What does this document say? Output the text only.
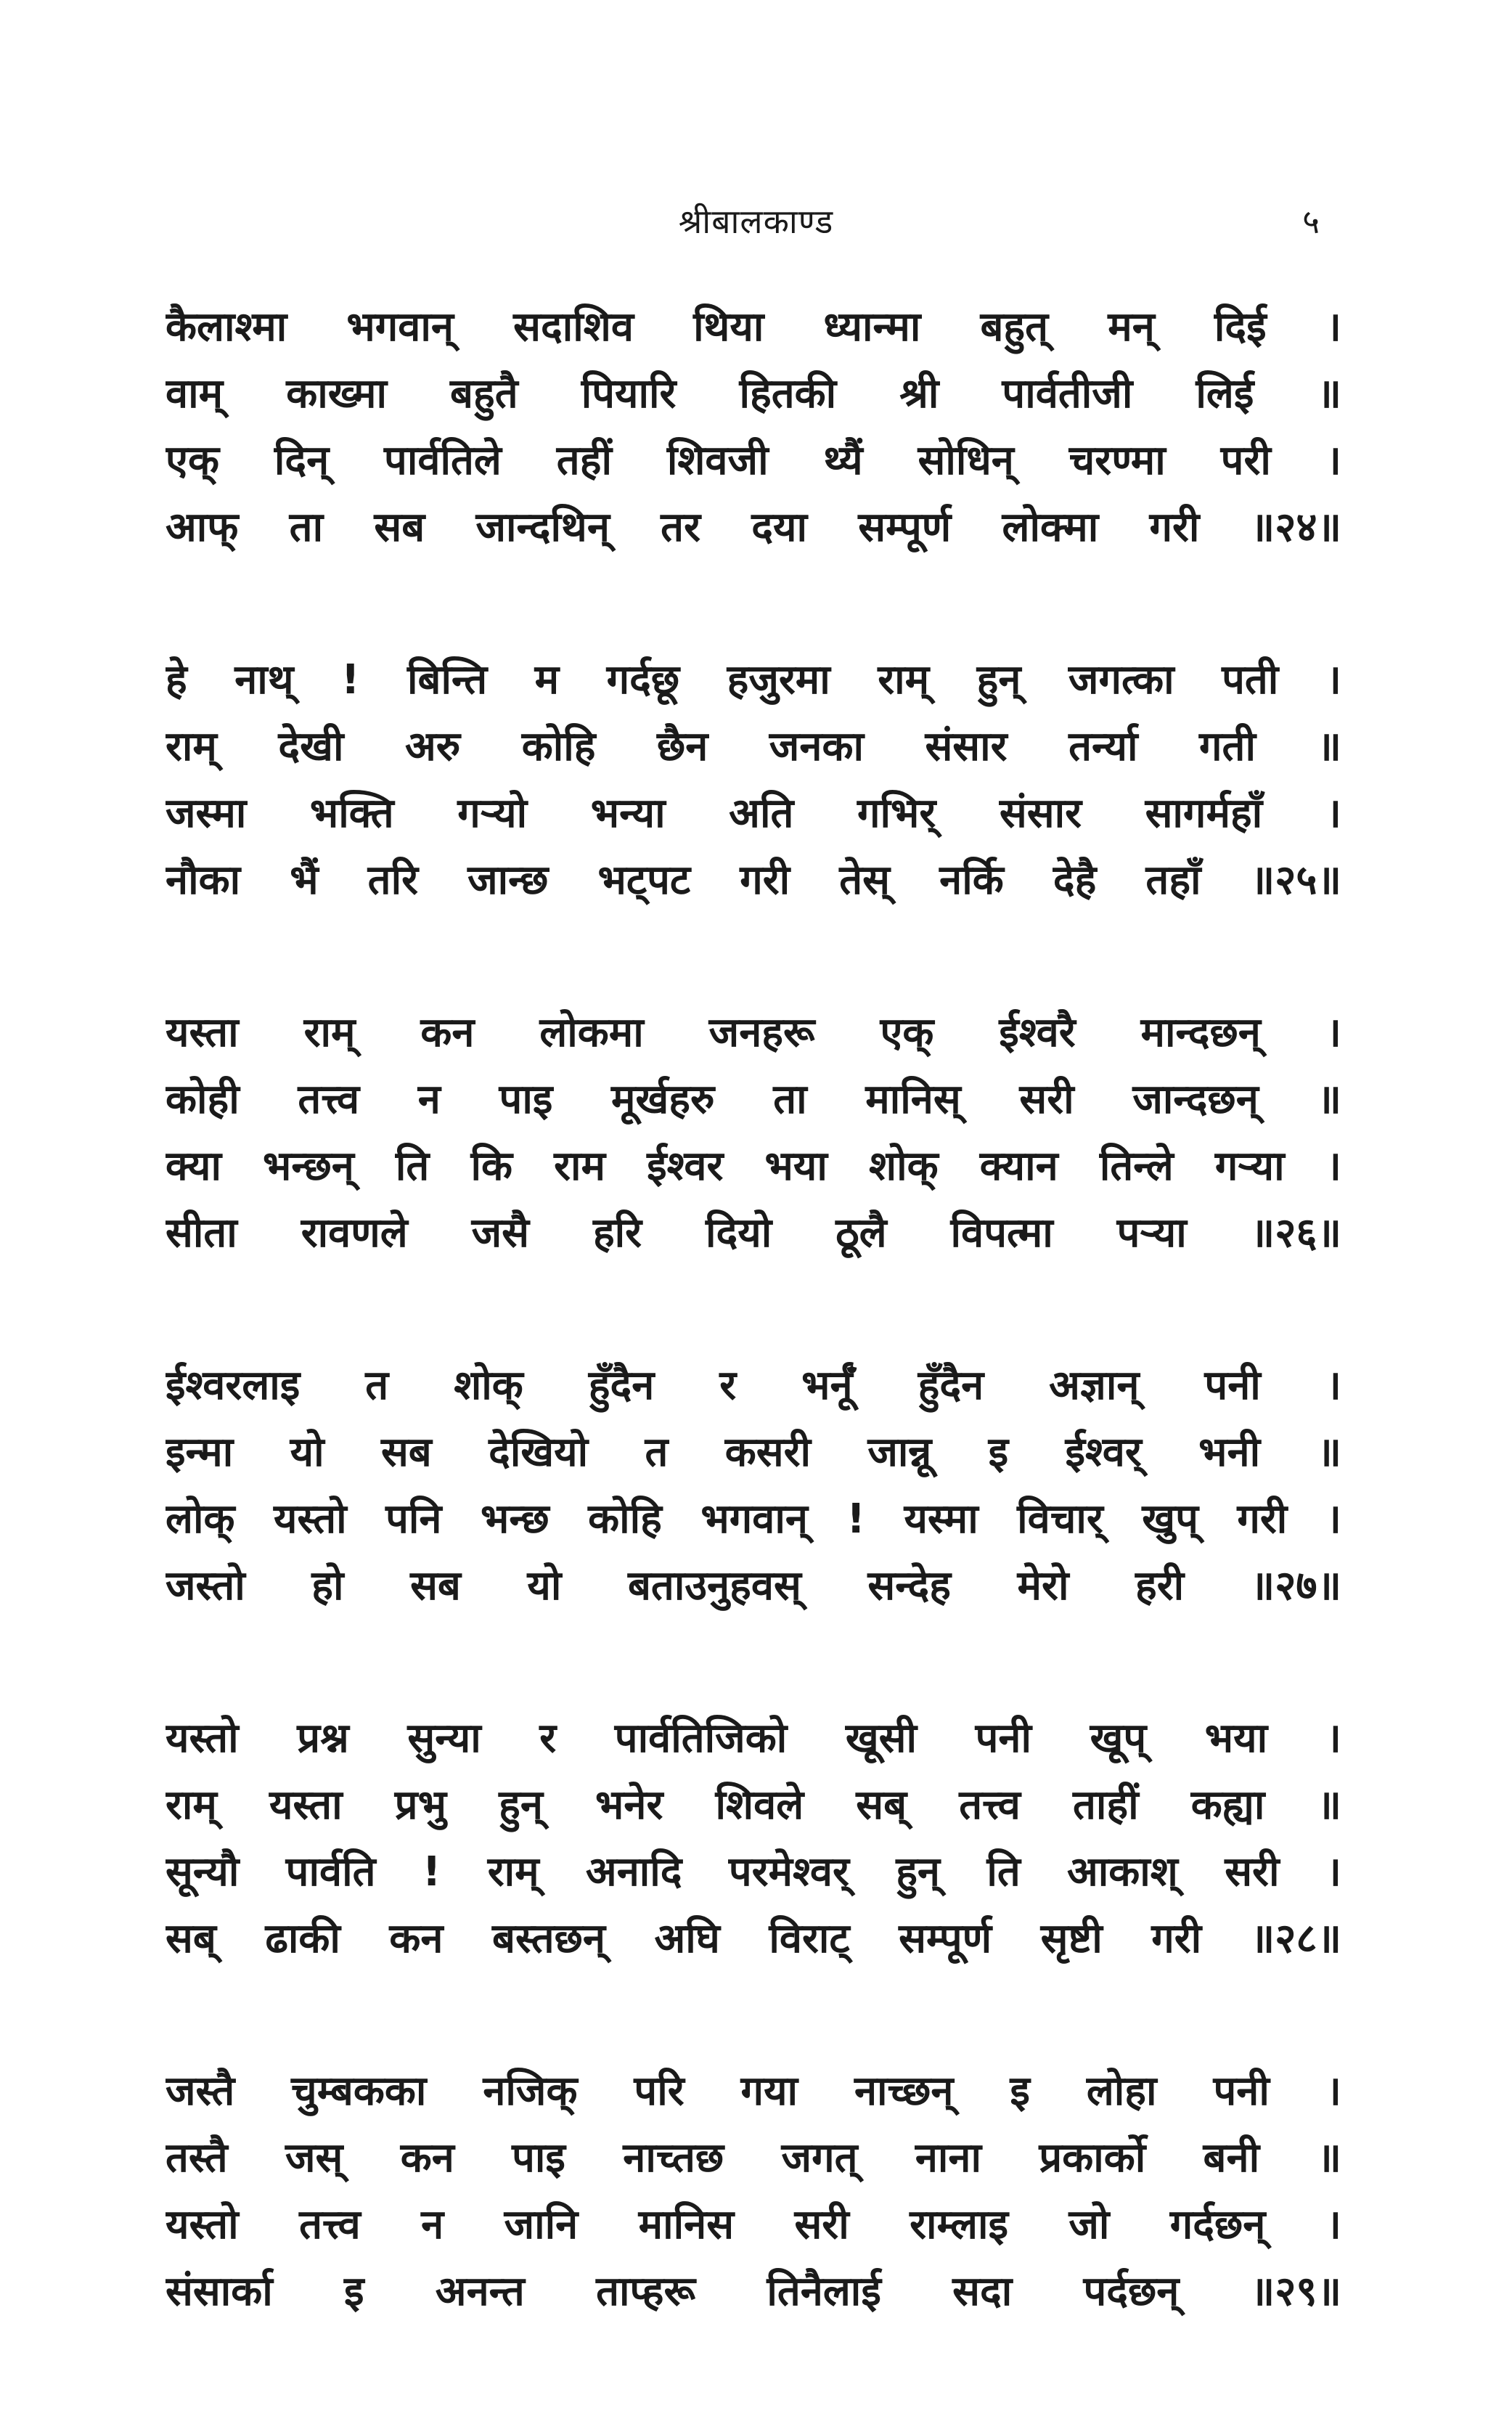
श्रीबालकाण्ड	५
कैलाश्मा भगवान् सदाशिव थिया ध्यान्मा बहुत् मन् दिई ।
वाम् काख्मा बहुतै पियारि हितकी श्री पार्वतीजी लिई ॥
एक् दिन् पार्वतिले तहीं शिवजी थ्यैं सोधिन् चरण्मा परी ।
आफ् ता सब जान्दथिन् तर दया सम्पूर्ण लोक्मा गरी ॥२४॥
हे नाथ् ! बिन्ति म गर्दछू हजुरमा राम् हुन् जगत्का पती ।
राम् देखी अरु कोहि छैन जनका संसार तर्न्या गती ॥
जस्मा भक्ति गर्‍यो भन्या अति गभिर् संसार सागर्महाँ ।
नौका भैं तरि जान्छ भट्पट गरी तेस् नर्कि देहै तहाँ ॥२५॥
यस्ता राम् कन लोकमा जनहरू एक् ईश्वरै मान्दछन् ।
कोही तत्त्व न पाइ मूर्खहरु ता मानिस् सरी जान्दछन् ॥
क्या भन्छन् ति कि राम ईश्वर भया शोक् क्यान तिन्ले गर्‍या ।
सीता रावणले जसै हरि दियो ठूलै विपत्मा पर्‍या ॥२६॥
ईश्वरलाइ त शोक् हुँदैन र भर्नूँ हुँदैन अज्ञान् पनी ।
इन्मा यो सब देखियो त कसरी जान्नू इ ईश्वर् भनी ॥
लोक् यस्तो पनि भन्छ कोहि भगवान् ! यस्मा विचार् खुप् गरी ।
जस्तो हो सब यो बताउनुहवस् सन्देह मेरो हरी ॥२७॥
यस्तो प्रश्न सुन्या र पार्वतिजिको खूसी पनी खूप् भया ।
राम् यस्ता प्रभु हुन् भनेर शिवले सब् तत्त्व ताहीं कह्या ॥
सून्यौ पार्वति ! राम् अनादि परमेश्वर् हुन् ति आकाश् सरी ।
सब् ढाकी कन बस्तछन् अघि विराट् सम्पूर्ण सृष्टी गरी ॥२८॥
जस्तै चुम्बकका नजिक् परि गया नाच्छन् इ लोहा पनी ।
तस्तै जस् कन पाइ नाच्तछ जगत् नाना प्रकार्को बनी ॥
यस्तो तत्त्व न जानि मानिस सरी राम्लाइ जो गर्दछन् ।
संसार्का इ अनन्त ताप्हरू तिनैलाई सदा पर्दछन् ॥२९॥
